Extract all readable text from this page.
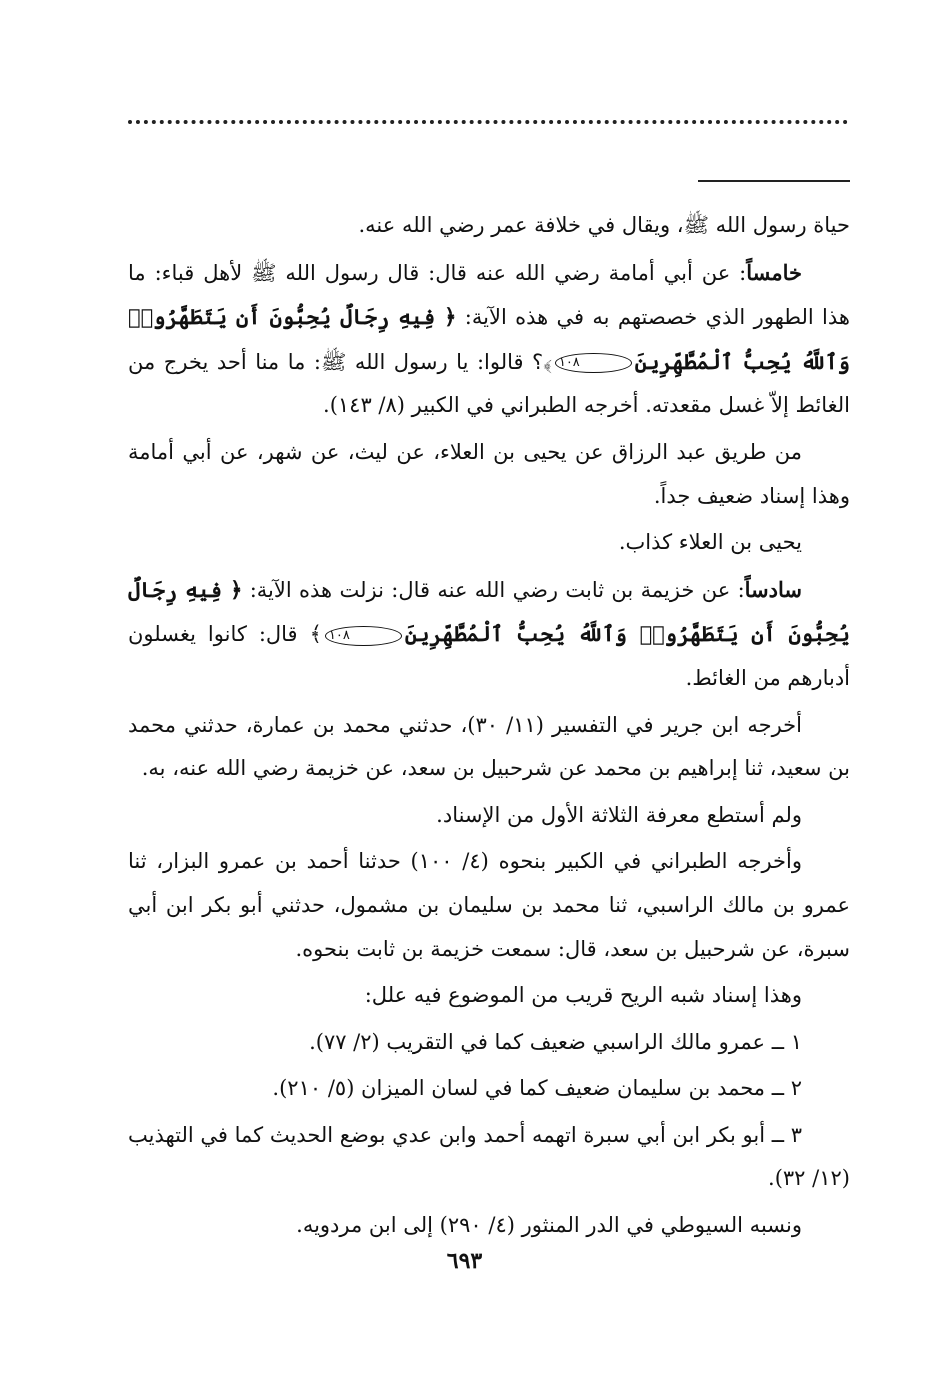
حياة رسول الله ﷺ، ويقال في خلافة عمر رضي الله عنه.

خامساً: عن أبي أمامة رضي الله عنه قال: قال رسول الله ﷺ لأهل قباء: ما هذا الطهور الذي خصصتهم به في هذه الآية: ﴿ فِيهِ رِجَالٌ يُحِبُّونَ أَن يَتَطَهَّرُوا۟ وَٱللَّهُ يُحِبُّ ٱلْمُطَّهِّرِينَ١٠٨﴾؟ قالوا: يا رسول الله ﷺ: ما منا أحد يخرج من الغائط إلاّ غسل مقعدته. أخرجه الطبراني في الكبير (٨/ ١٤٣).

من طريق عبد الرزاق عن يحيى بن العلاء، عن ليث، عن شهر، عن أبي أمامة وهذا إسناد ضعيف جداً.

يحيى بن العلاء كذاب.

سادساً: عن خزيمة بن ثابت رضي الله عنه قال: نزلت هذه الآية: ﴿ فِيهِ رِجَالٌ يُحِبُّونَ أَن يَتَطَهَّرُوا۟ وَٱللَّهُ يُحِبُّ ٱلْمُطَّهِّرِينَ١٠٨﴾ قال: كانوا يغسلون أدبارهم من الغائط.

أخرجه ابن جرير في التفسير (١١/ ٣٠)، حدثني محمد بن عمارة، حدثني محمد بن سعيد، ثنا إبراهيم بن محمد عن شرحبيل بن سعد، عن خزيمة رضي الله عنه، به.

ولم أستطع معرفة الثلاثة الأول من الإسناد.

وأخرجه الطبراني في الكبير بنحوه (٤/ ١٠٠) حدثنا أحمد بن عمرو البزار، ثنا عمرو بن مالك الراسبي، ثنا محمد بن سليمان بن مشمول، حدثني أبو بكر ابن أبي سبرة، عن شرحبيل بن سعد، قال: سمعت خزيمة بن ثابت بنحوه.

وهذا إسناد شبه الريح قريب من الموضوع فيه علل:

١ ــ عمرو مالك الراسبي ضعيف كما في التقريب (٢/ ٧٧).

٢ ــ محمد بن سليمان ضعيف كما في لسان الميزان (٥/ ٢١٠).

٣ ــ أبو بكر ابن أبي سبرة اتهمه أحمد وابن عدي بوضع الحديث كما في التهذيب (١٢/ ٣٢).

ونسبه السيوطي في الدر المنثور (٤/ ٢٩٠) إلى ابن مردويه.

٦٩٣
